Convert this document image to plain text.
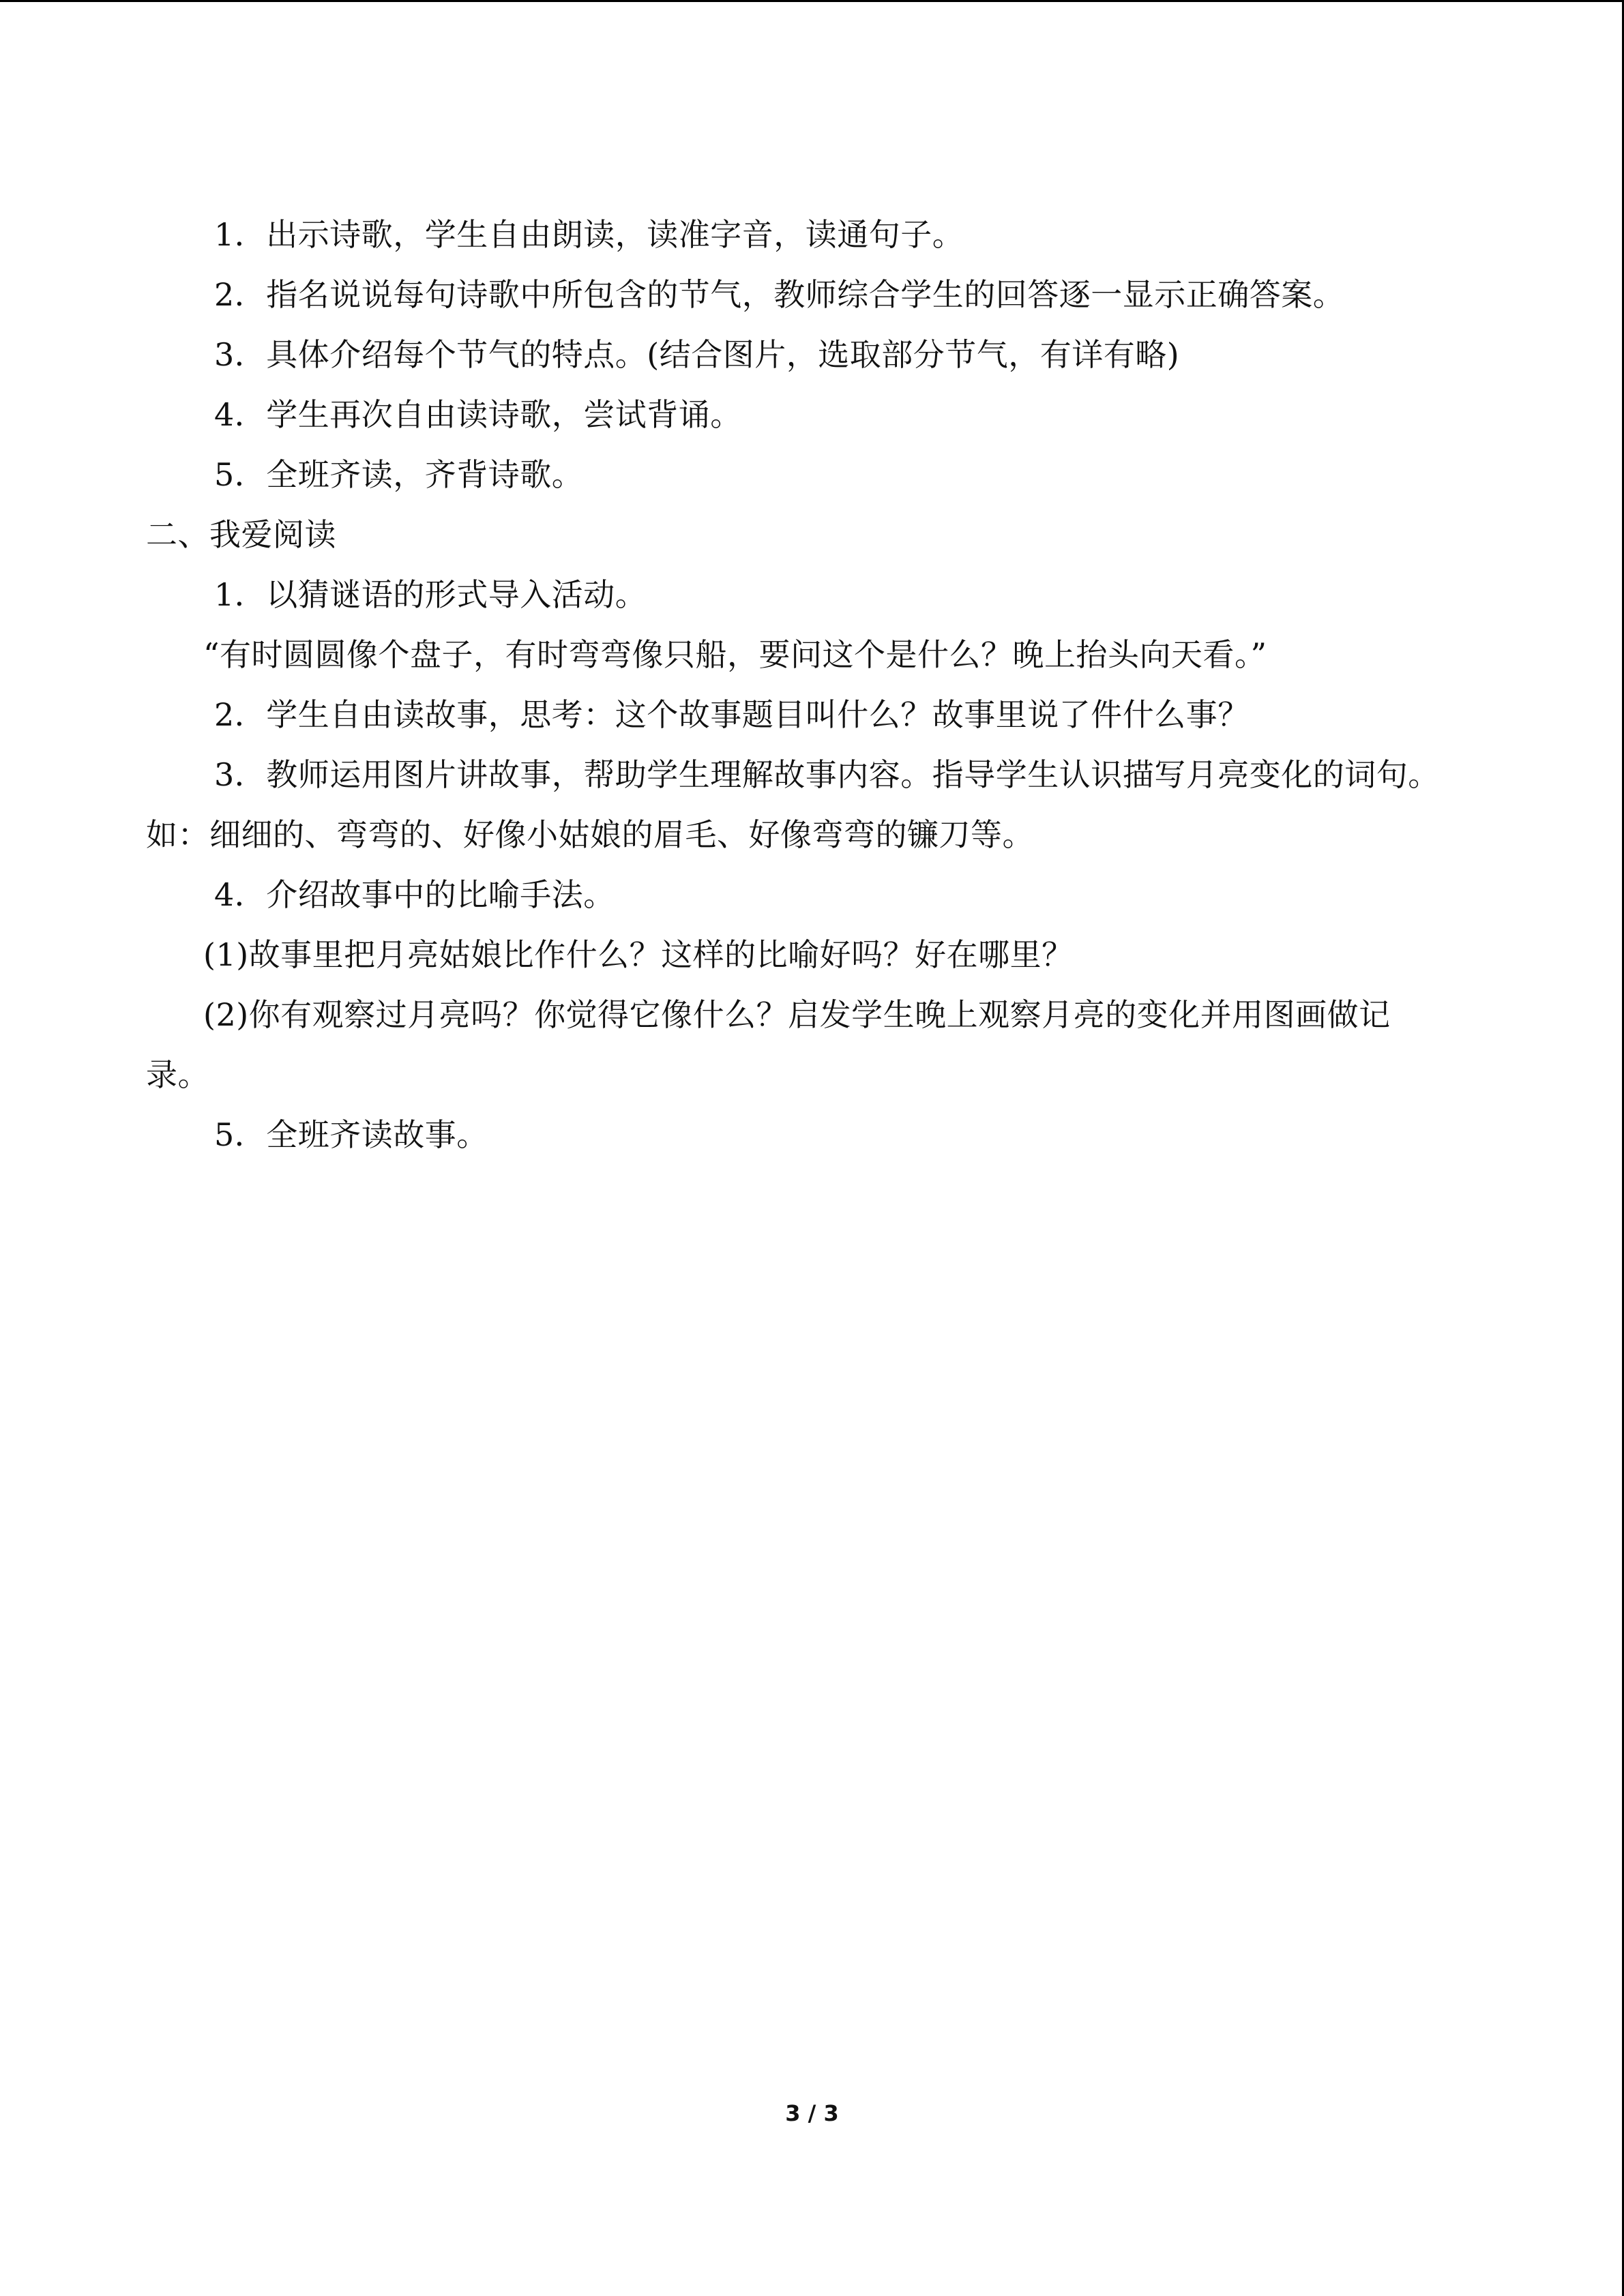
1．出示诗歌，学生自由朗读，读准字音，读通句子。
2．指名说说每句诗歌中所包含的节气，教师综合学生的回答逐一显示正确答案。
3．具体介绍每个节气的特点。(结合图片，选取部分节气，有详有略)
4．学生再次自由读诗歌，尝试背诵。
5．全班齐读，齐背诗歌。
二、我爱阅读
1．以猜谜语的形式导入活动。
“有时圆圆像个盘子，有时弯弯像只船，要问这个是什么？晚上抬头向天看。”
2．学生自由读故事，思考：这个故事题目叫什么？故事里说了件什么事？
3．教师运用图片讲故事，帮助学生理解故事内容。指导学生认识描写月亮变化的词句。
如：细细的、弯弯的、好像小姑娘的眉毛、好像弯弯的镰刀等。
4．介绍故事中的比喻手法。
(1)故事里把月亮姑娘比作什么？这样的比喻好吗？好在哪里？
(2)你有观察过月亮吗？你觉得它像什么？启发学生晚上观察月亮的变化并用图画做记
录。
5．全班齐读故事。
3 / 3
